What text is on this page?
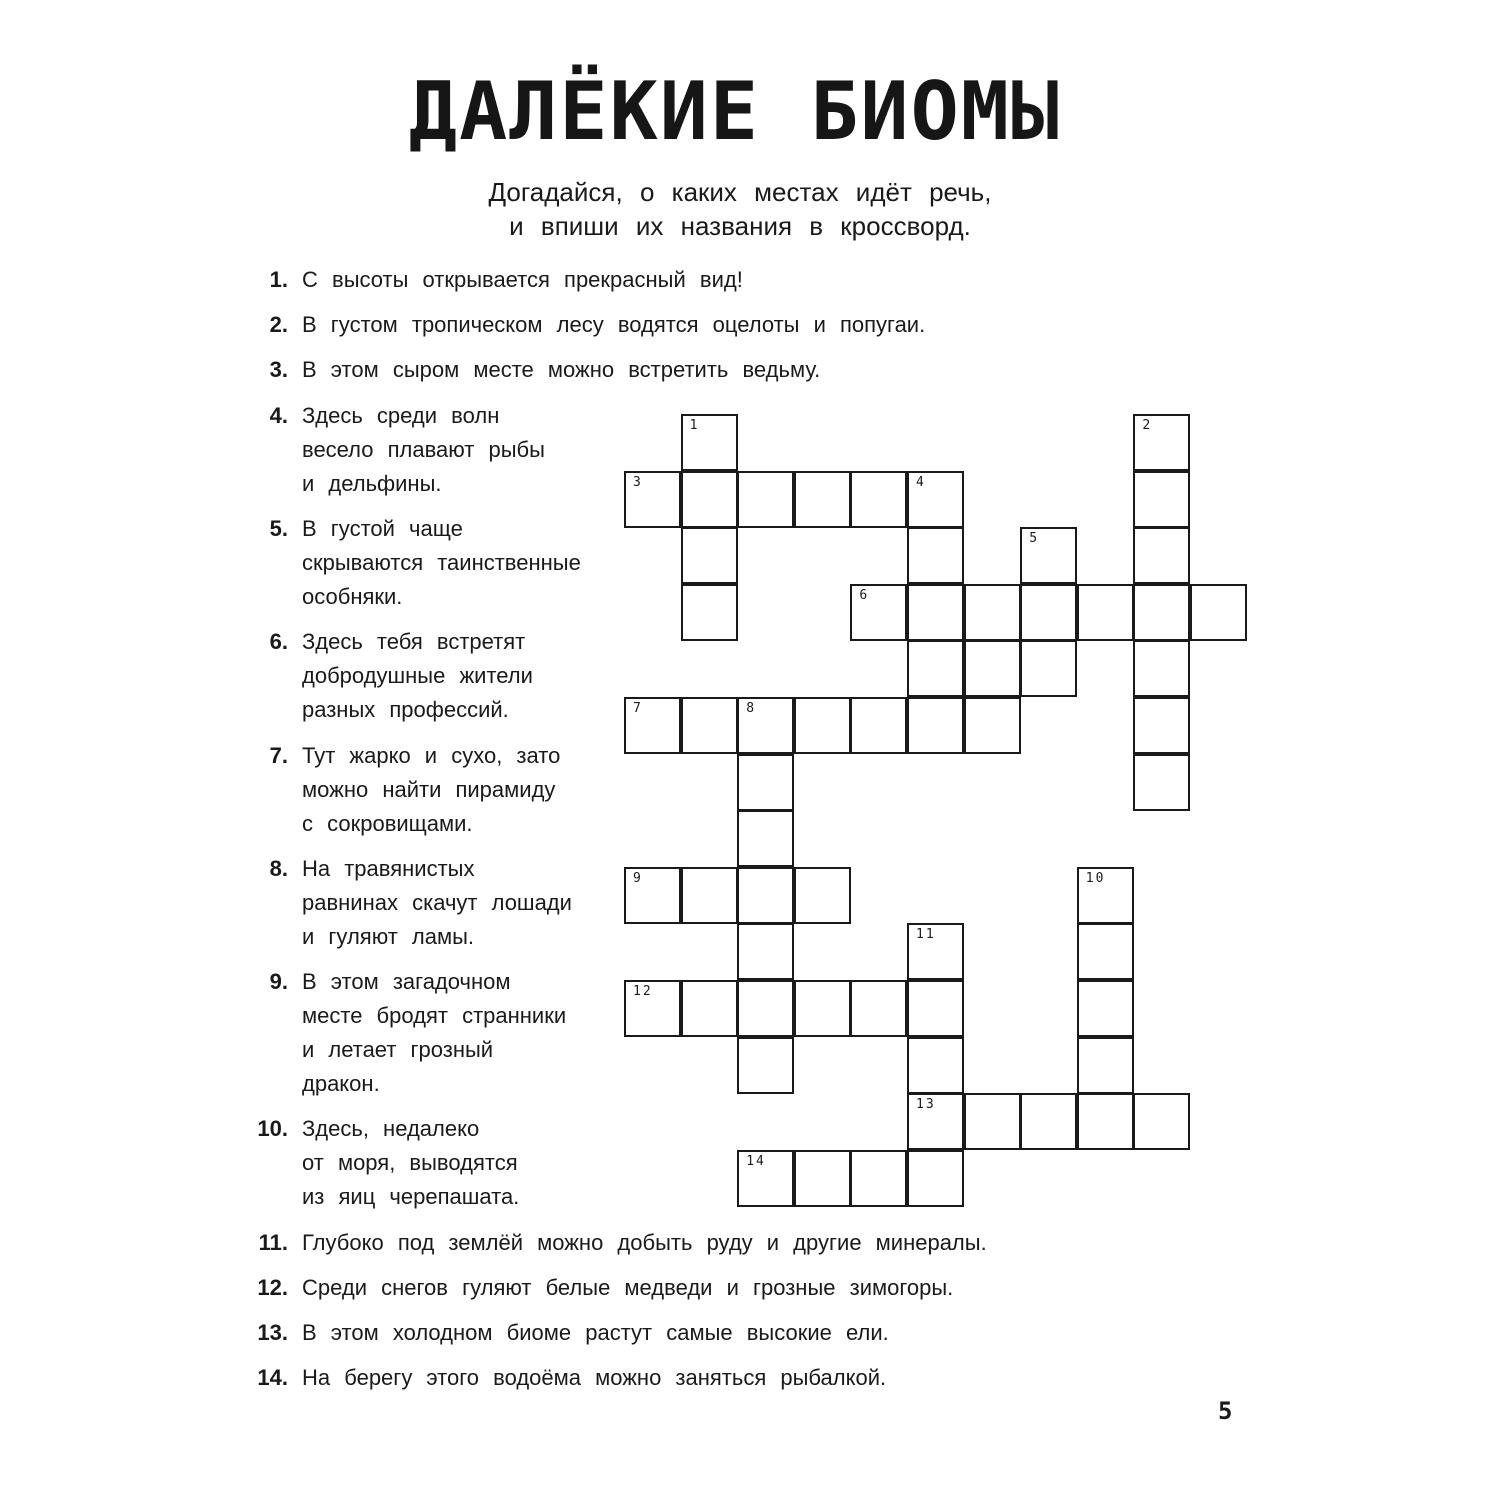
ДАЛЁКИЕ БИОМЫ
Догадайся, о каких местах идёт речь,
и впиши их названия в кроссворд.
1. С высоты открывается прекрасный вид!
2. В густом тропическом лесу водятся оцелоты и попугаи.
3. В этом сыром месте можно встретить ведьму.
4. Здесь среди волн
весело плавают рыбы
и дельфины.
5. В густой чаще
скрываются таинственные
особняки.
6. Здесь тебя встретят
добродушные жители
разных профессий.
7. Тут жарко и сухо, зато
можно найти пирамиду
с сокровищами.
8. На травянистых
равнинах скачут лошади
и гуляют ламы.
9. В этом загадочном
месте бродят странники
и летает грозный
дракон.
10. Здесь, недалеко
от моря, выводятся
из яиц черепашата.
11. Глубоко под землёй можно добыть руду и другие минералы.
12. Среди снегов гуляют белые медведи и грозные зимогоры.
13. В этом холодном биоме растут самые высокие ели.
14. На берегу этого водоёма можно заняться рыбалкой.
1	2
3	4
5
6
7	8
9	10
11
12
13
14
5
